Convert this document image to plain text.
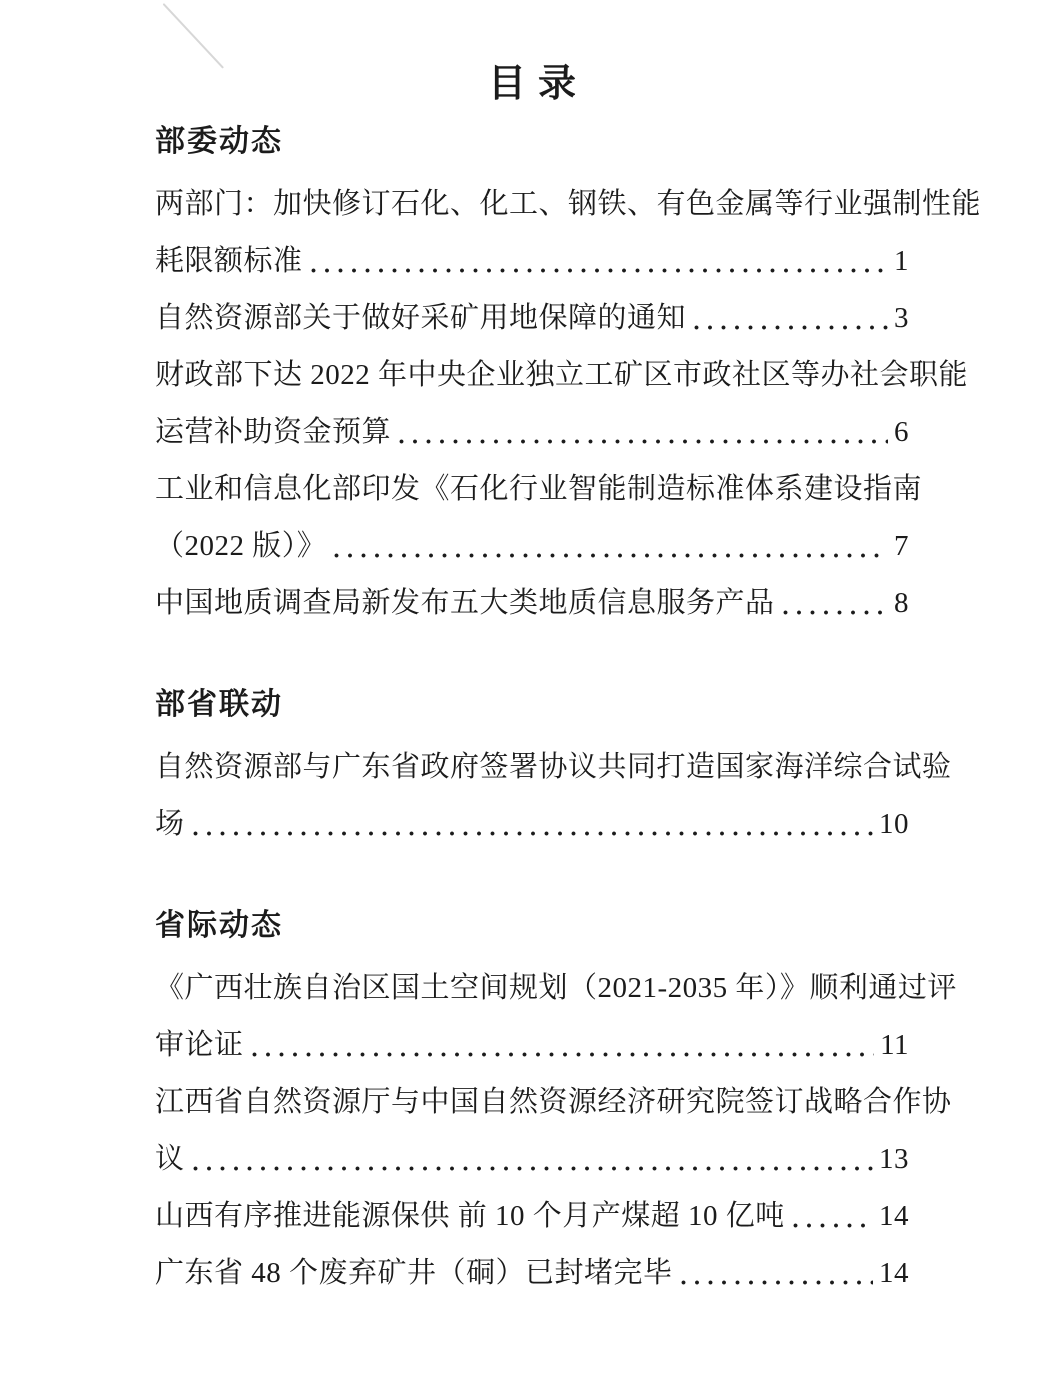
目录
部委动态
两部门：加快修订石化、化工、钢铁、有色金属等行业强制性能
耗限额标准	1
自然资源部关于做好采矿用地保障的通知	3
财政部下达 2022 年中央企业独立工矿区市政社区等办社会职能
运营补助资金预算	6
工业和信息化部印发《石化行业智能制造标准体系建设指南
（2022 版）》	7
中国地质调查局新发布五大类地质信息服务产品	8
部省联动
自然资源部与广东省政府签署协议共同打造国家海洋综合试验
场	10
省际动态
《广西壮族自治区国土空间规划（2021-2035 年）》顺利通过评
审论证	11
江西省自然资源厅与中国自然资源经济研究院签订战略合作协
议	13
山西有序推进能源保供 前 10 个月产煤超 10 亿吨	14
广东省 48 个废弃矿井（硐）已封堵完毕	14
